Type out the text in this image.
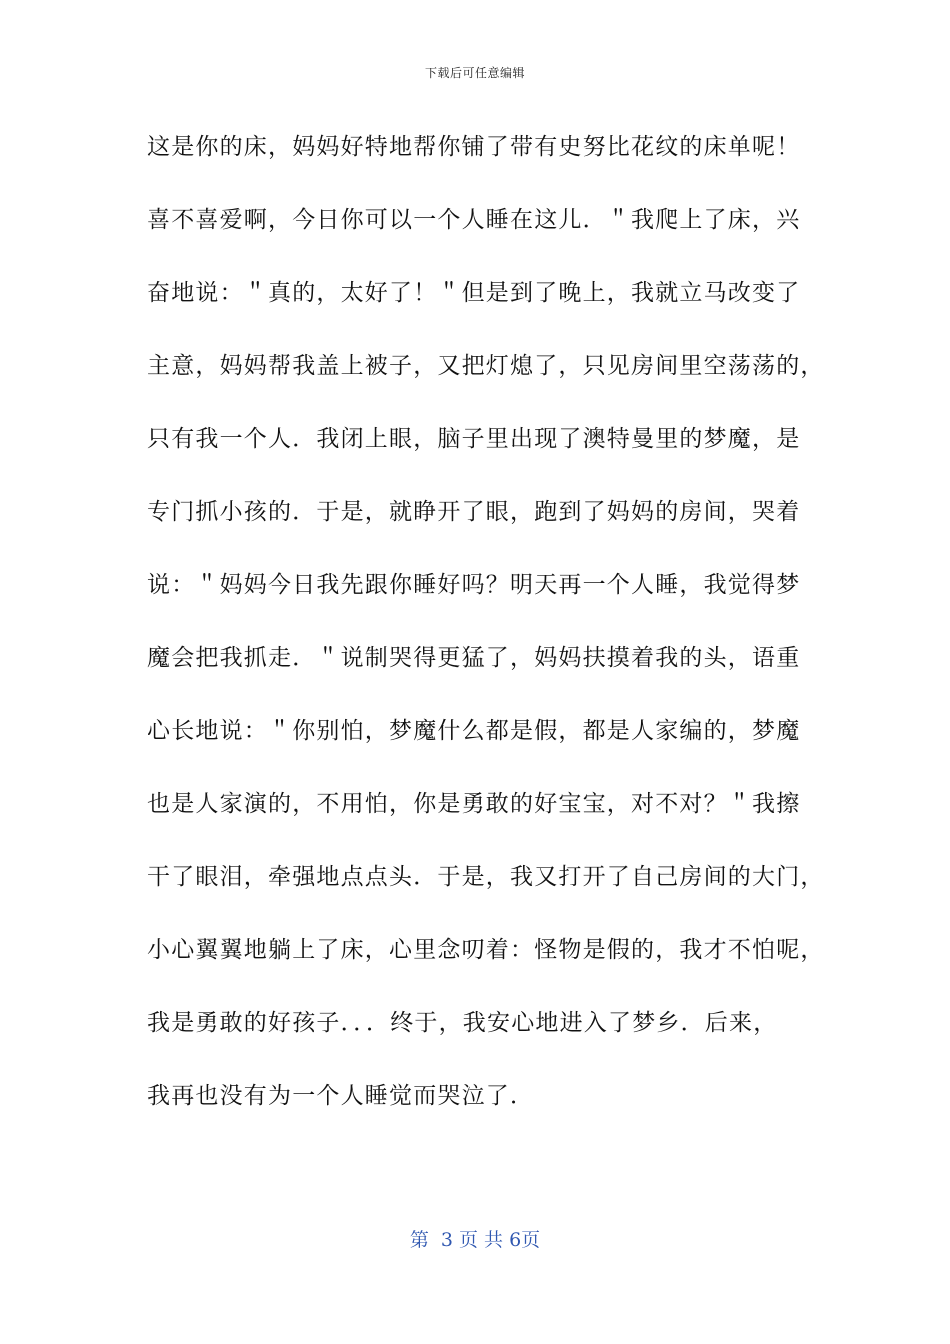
下载后可任意编辑
这是你的床，妈妈好特地帮你铺了带有史努比花纹的床单呢！
喜不喜爱啊，今日你可以一个人睡在这儿．＂我爬上了床，兴
奋地说：＂真的，太好了！＂但是到了晚上，我就立马改变了
主意，妈妈帮我盖上被子，又把灯熄了，只见房间里空荡荡的，
只有我一个人．我闭上眼，脑子里出现了澳特曼里的梦魔，是
专门抓小孩的．于是，就睁开了眼，跑到了妈妈的房间，哭着
说：＂妈妈今日我先跟你睡好吗？明天再一个人睡，我觉得梦
魔会把我抓走．＂说制哭得更猛了，妈妈扶摸着我的头，语重
心长地说：＂你别怕，梦魔什么都是假，都是人家编的，梦魔
也是人家演的，不用怕，你是勇敢的好宝宝，对不对？＂我擦
干了眼泪，牵强地点点头．于是，我又打开了自己房间的大门，
小心翼翼地躺上了床，心里念叨着：怪物是假的，我才不怕呢，
我是勇敢的好孩子．．．终于，我安心地进入了梦乡．后来，
我再也没有为一个人睡觉而哭泣了．
第  3 页 共 6页
